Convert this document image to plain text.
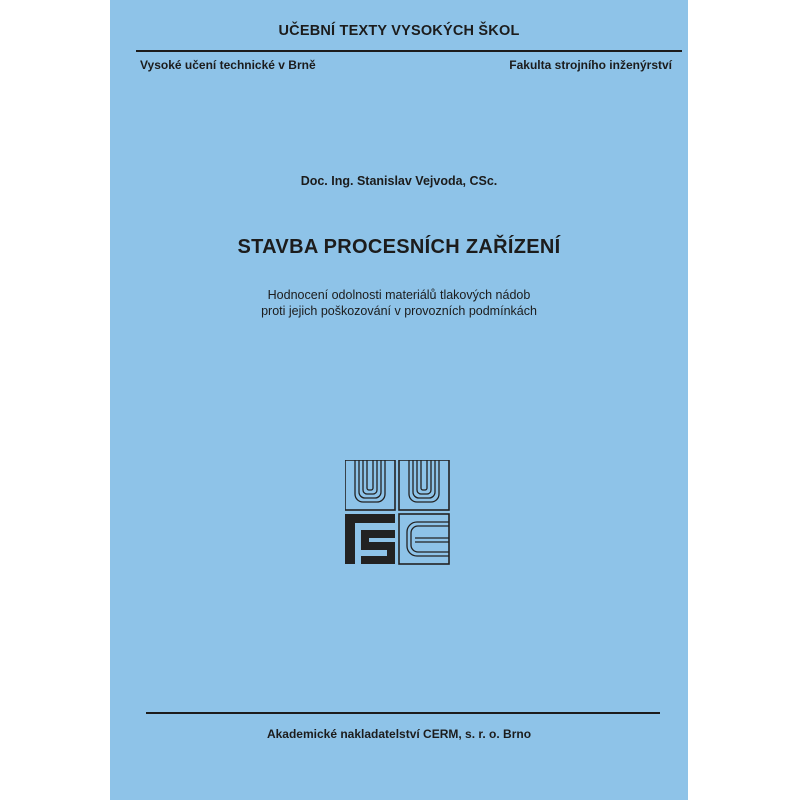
UČEBNÍ TEXTY VYSOKÝCH ŠKOL
Vysoké učení technické v Brně	Fakulta strojního inženýrství
Doc. Ing. Stanislav Vejvoda, CSc.
STAVBA PROCESNÍCH ZAŘÍZENÍ
Hodnocení odolnosti materiálů tlakových nádob
proti jejich poškozování v provozních podmínkách
Akademické nakladatelství CERM, s. r. o. Brno
